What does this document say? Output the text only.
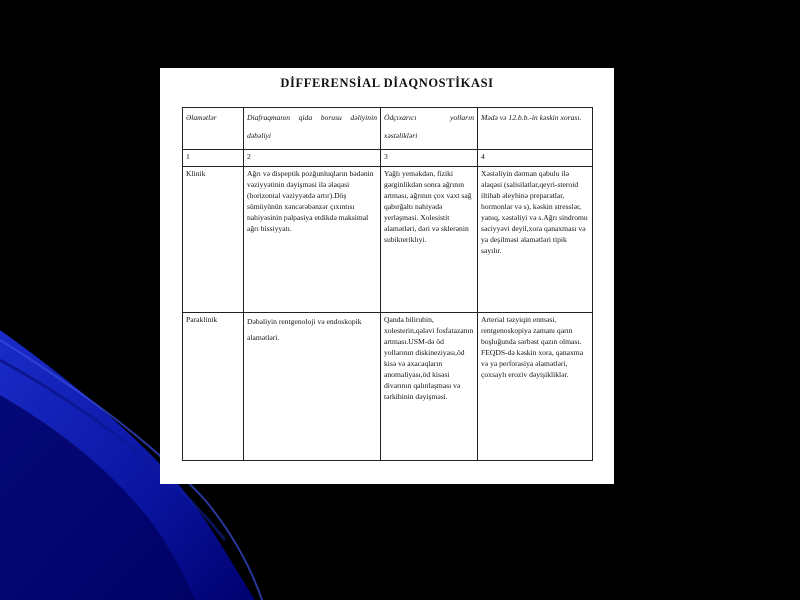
DİFFERENSİAL DİAQNOSTİKASI
Əlamətlər	Diafraqmanın qida borusu dəliyinin dəbəliyi	Ödçıxarıcı yolların xəstəlikləri	Mədə və 12.b.b.-in kəskin xorası.
1	2	3	4
Klinik	Ağrı və dispeptik pozğunluqların bədənin vəziyyətinin dəyişməsi ilə əlaqəsi (horizontal vəziyyətdə artır).Döş sümüyünün xəncərəbənzər çıxıntısı nahiyəsinin palpasiya etdikdə maksimal ağrı hissiyyatı.	Yağlı yeməkdən, fiziki gərginlikdən sonra ağrının artması, ağrının çox vaxt sağ qabırğaltı nahiyədə yerləşməsi. Xolesistit əlamətləri, dəri və sklerənin subiktеriklıyi.	Xəstəliyin dərman qəbulu ilə əlaqəsi (salisilatlar,qeyri-steroid iltihab əleyhinə preparatlar, hormonlar və s), kəskin stresslər, yanıq, xəstəliyi və s.Ağrı sindromu səciyyəvi deyil,xora qanaxması və ya deşilməsi əlamətləri tipik sayılır.
Paraklinik	Dəbəliyin rentgenoloji və endoskopik əlamətləri.	Qanda bilirubin, xolesterin,qələvi fosfatazanın artması.USM-də öd yollarının diskineziyası,öd kisə və axacaqların anomaliyası,öd kisəsi divarının qalınlaşması və tərkibinin dəyişməsi.	Arterial təzyiqin enməsi, rentgenoskopiya zamanı qarın boşluğunda sərbəst qazın olması. FEQDS-də kəskin xora, qanaxma və ya perforasiya əlamətləri, çoxsaylı eroziv dəyişikliklər.
